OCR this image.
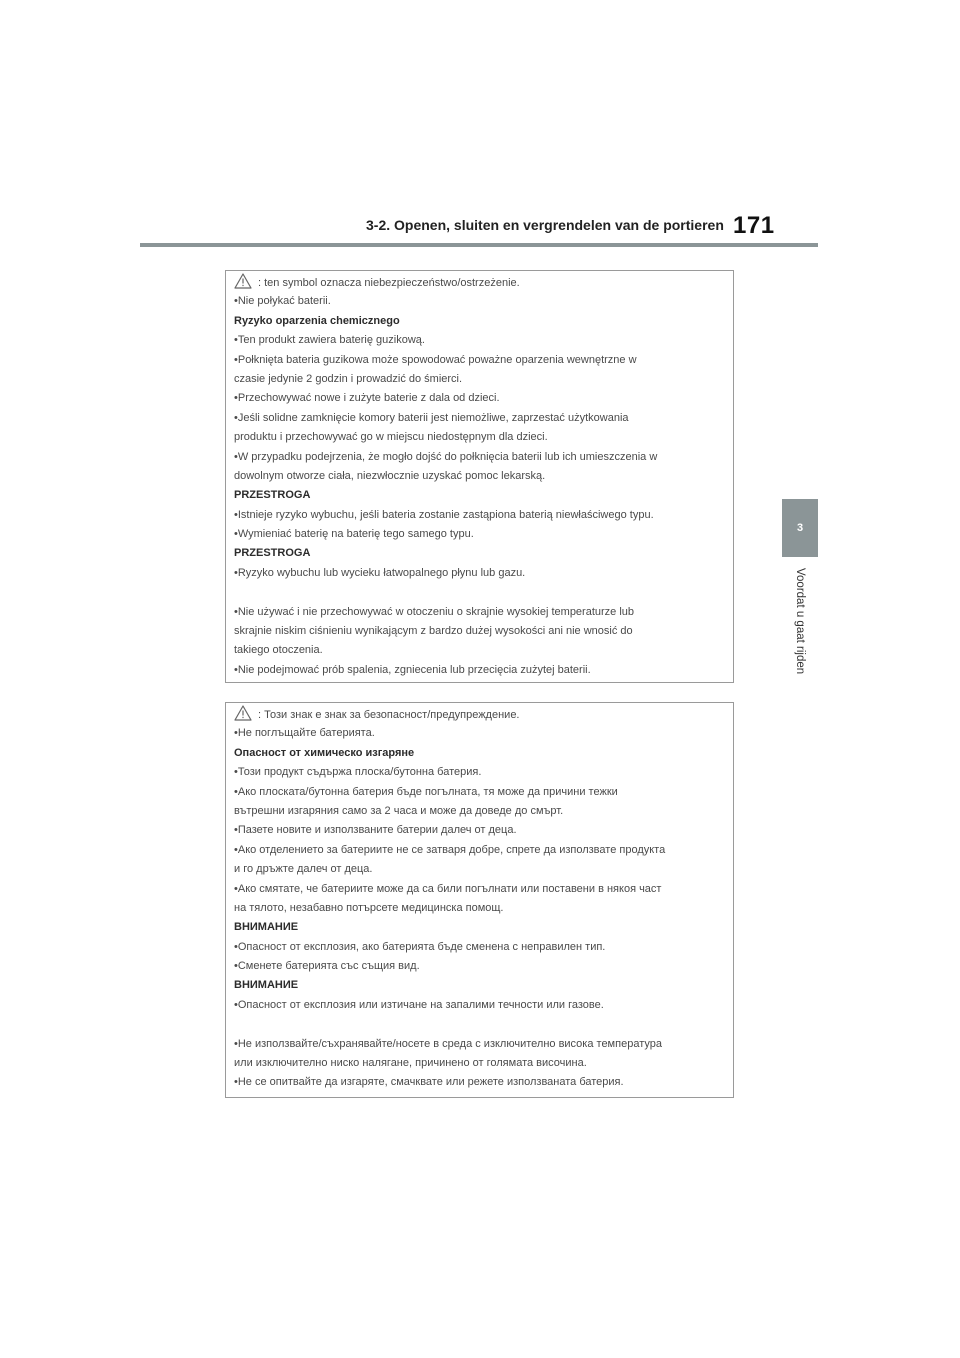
3-2. Openen, sluiten en vergrendelen van de portieren 171
3
Voordat u gaat rijden
: ten symbol oznacza niebezpieczeństwo/ostrzeżenie.
•Nie połykać baterii.
Ryzyko oparzenia chemicznego
•Ten produkt zawiera baterię guzikową.
•Połknięta bateria guzikowa może spowodować poważne oparzenia wewnętrzne w
czasie jedynie 2 godzin i prowadzić do śmierci.
•Przechowywać nowe i zużyte baterie z dala od dzieci.
•Jeśli solidne zamknięcie komory baterii jest niemożliwe, zaprzestać użytkowania
produktu i przechowywać go w miejscu niedostępnym dla dzieci.
•W przypadku podejrzenia, że mogło dojść do połknięcia baterii lub ich umieszczenia w
dowolnym otworze ciała, niezwłocznie uzyskać pomoc lekarską.
PRZESTROGA
•Istnieje ryzyko wybuchu, jeśli bateria zostanie zastąpiona baterią niewłaściwego typu.
•Wymieniać baterię na baterię tego samego typu.
PRZESTROGA
•Ryzyko wybuchu lub wycieku łatwopalnego płynu lub gazu.
•Nie używać i nie przechowywać w otoczeniu o skrajnie wysokiej temperaturze lub
skrajnie niskim ciśnieniu wynikającym z bardzo dużej wysokości ani nie wnosić do
takiego otoczenia.
•Nie podejmować prób spalenia, zgniecenia lub przecięcia zużytej baterii.
: Този знак е знак за безопасност/предупреждение.
•Не поглъщайте батерията.
Опасност от химическо изгаряне
•Този продукт съдържа плоска/бутонна батерия.
•Ако плоската/бутонна батерия бъде погълната, тя може да причини тежки
вътрешни изгаряния само за 2 часа и може да доведе до смърт.
•Пазете новите и използваните батерии далеч от деца.
•Ако отделението за батериите не се затваря добре, спрете да използвате продукта
и го дръжте далеч от деца.
•Ако смятате, че батериите може да са били погълнати или поставени в някоя част
на тялото, незабавно потърсете медицинска помощ.
ВНИМАНИЕ
•Опасност от експлозия, ако батерията бъде сменена с неправилен тип.
•Сменете батерията със същия вид.
ВНИМАНИЕ
•Опасност от експлозия или изтичане на запалими течности или газове.
•Не използвайте/съхранявайте/носете в среда с изключително висока температура
или изключително ниско налягане, причинено от голямата височина.
•Не се опитвайте да изгаряте, смачквате или режете използваната батерия.
